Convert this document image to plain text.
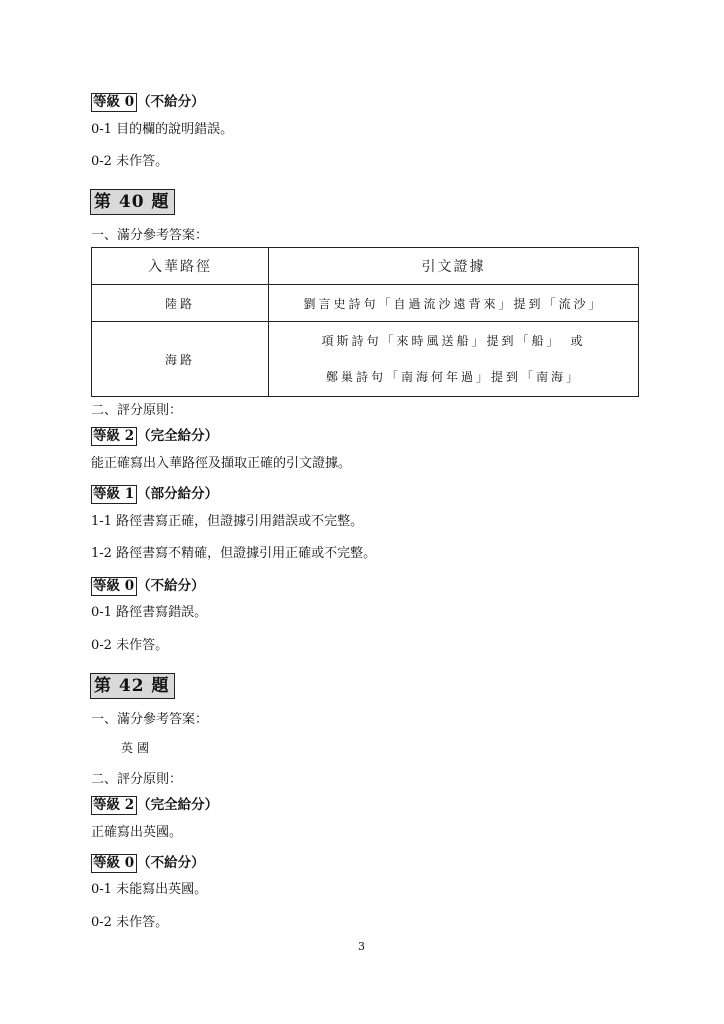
等級 0 （不給分）
0-1 目的欄的說明錯誤。
0-2 未作答。
第 40 題
一、滿分參考答案：
入華路徑	引文證據
陸路	劉言史詩句「自過流沙遠背來」提到「流沙」
海路	項斯詩句「來時風送船」提到「船」　或
鄭巢詩句「南海何年過」提到「南海」
二、評分原則：
等級 2 （完全給分）
能正確寫出入華路徑及擷取正確的引文證據。
等級 1 （部分給分）
1-1 路徑書寫正確，但證據引用錯誤或不完整。
1-2 路徑書寫不精確，但證據引用正確或不完整。
等級 0 （不給分）
0-1 路徑書寫錯誤。
0-2 未作答。
第 42 題
一、滿分參考答案：
英國
二、評分原則：
等級 2 （完全給分）
正確寫出英國。
等級 0 （不給分）
0-1 未能寫出英國。
0-2 未作答。
3
